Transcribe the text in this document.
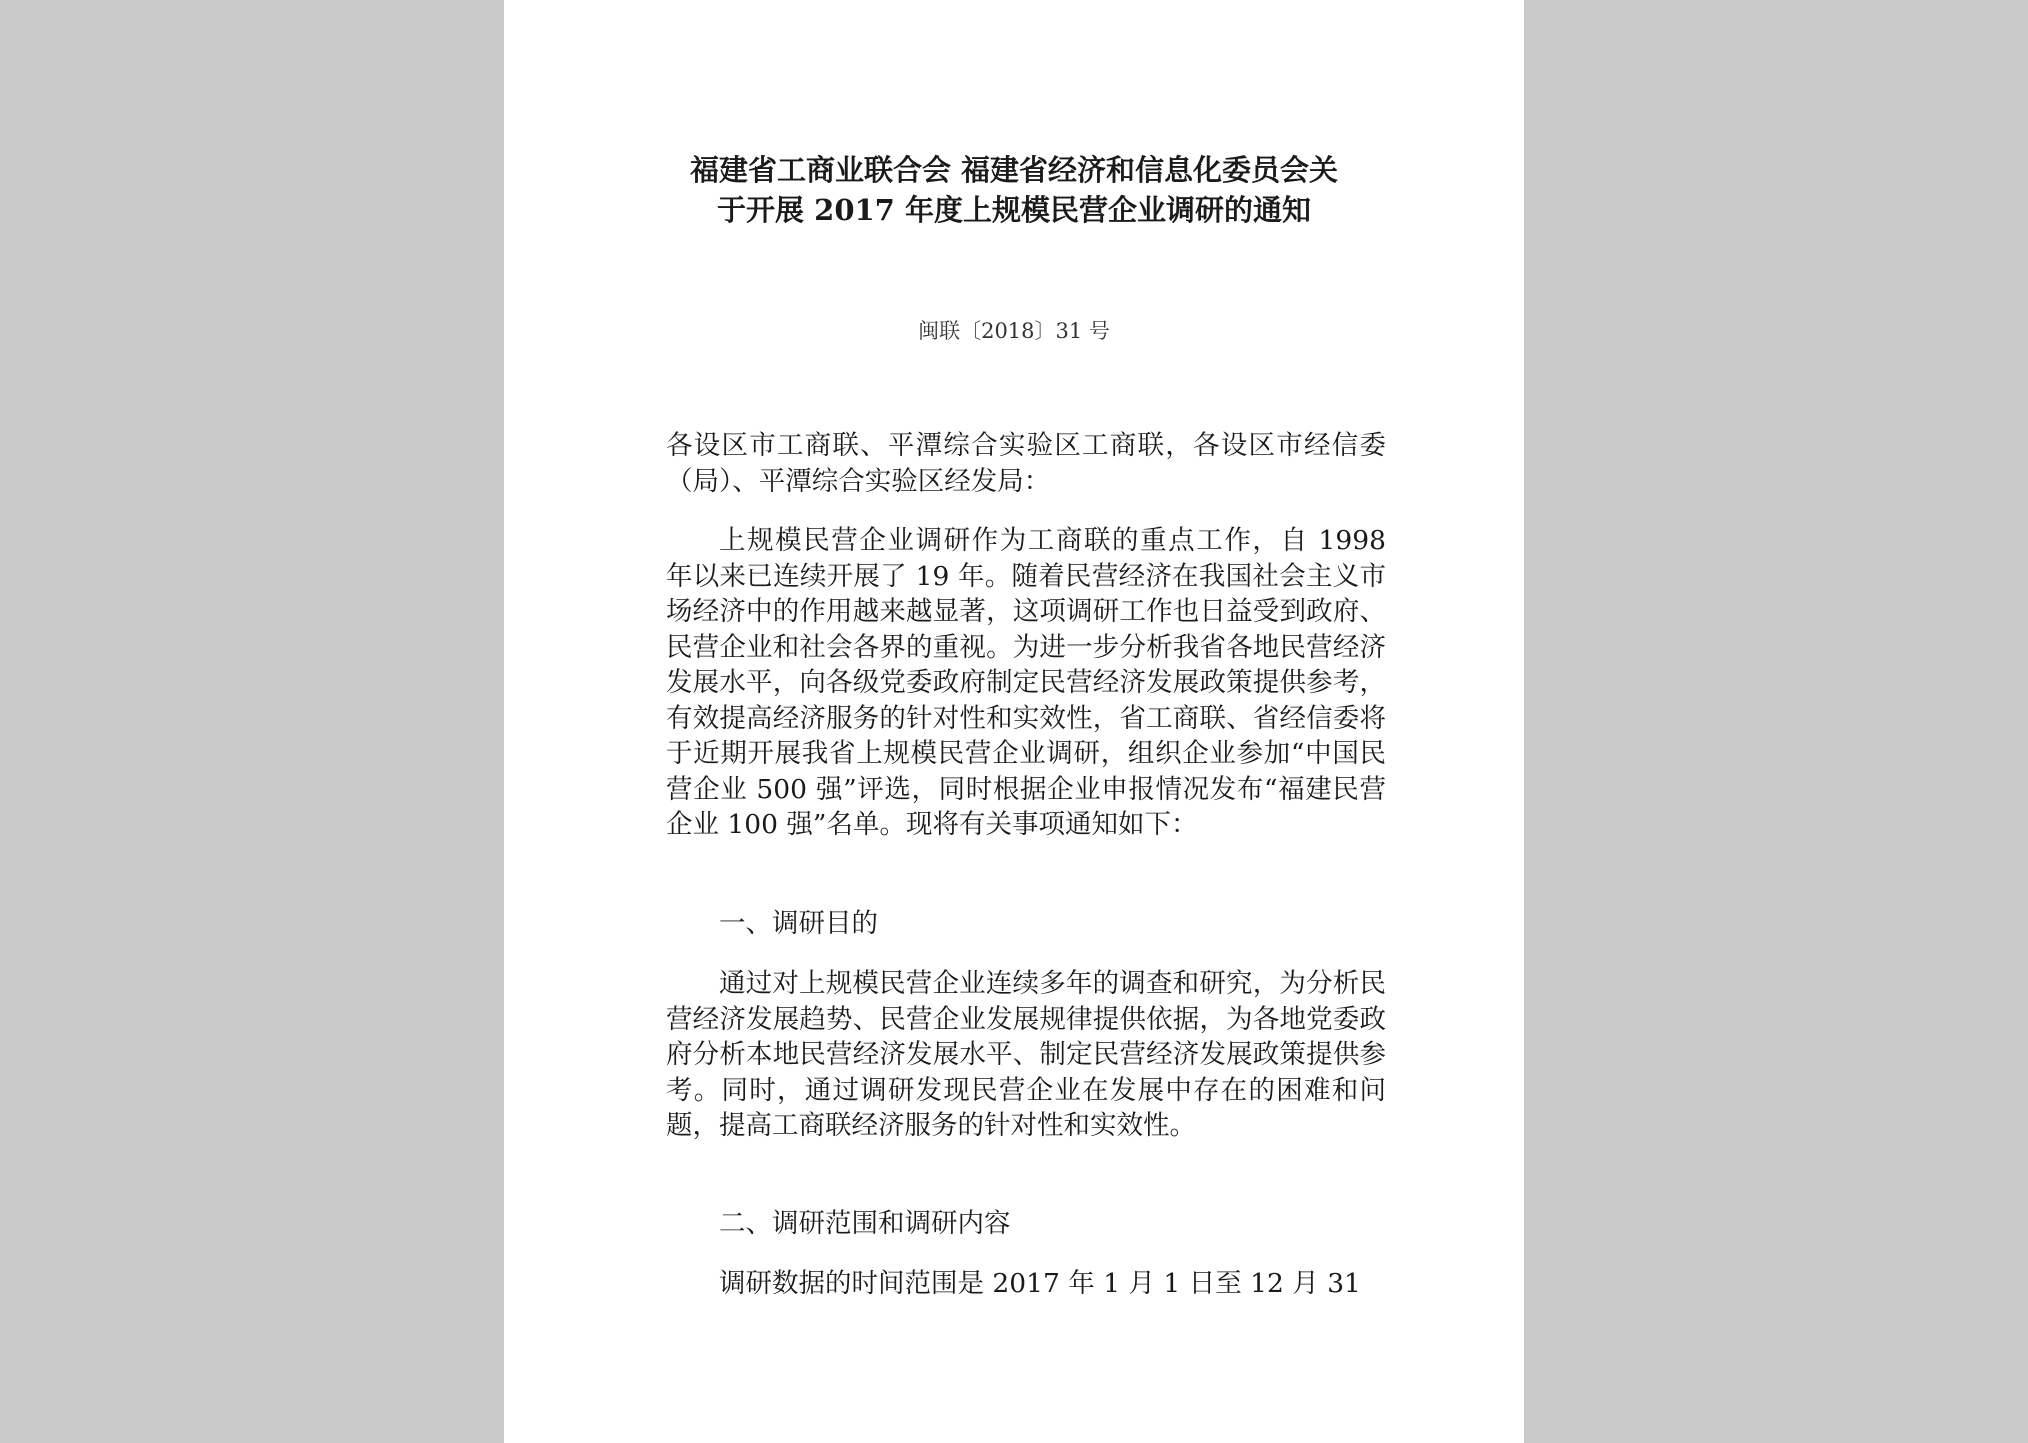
福建省工商业联合会 福建省经济和信息化委员会关
于开展 2017 年度上规模民营企业调研的通知
闽联〔2018〕31 号

各设区市工商联、平潭综合实验区工商联，各设区市经信委（局）、平潭综合实验区经发局：

上规模民营企业调研作为工商联的重点工作，自 1998 年以来已连续开展了 19 年。随着民营经济在我国社会主义市场经济中的作用越来越显著，这项调研工作也日益受到政府、民营企业和社会各界的重视。为进一步分析我省各地民营经济发展水平，向各级党委政府制定民营经济发展政策提供参考，有效提高经济服务的针对性和实效性，省工商联、省经信委将于近期开展我省上规模民营企业调研，组织企业参加“中国民营企业 500 强”评选，同时根据企业申报情况发布“福建民营企业 100 强”名单。现将有关事项通知如下：

一、调研目的

通过对上规模民营企业连续多年的调查和研究，为分析民营经济发展趋势、民营企业发展规律提供依据，为各地党委政府分析本地民营经济发展水平、制定民营经济发展政策提供参考。同时，通过调研发现民营企业在发展中存在的困难和问题，提高工商联经济服务的针对性和实效性。

二、调研范围和调研内容

调研数据的时间范围是 2017 年 1 月 1 日至 12 月 31
